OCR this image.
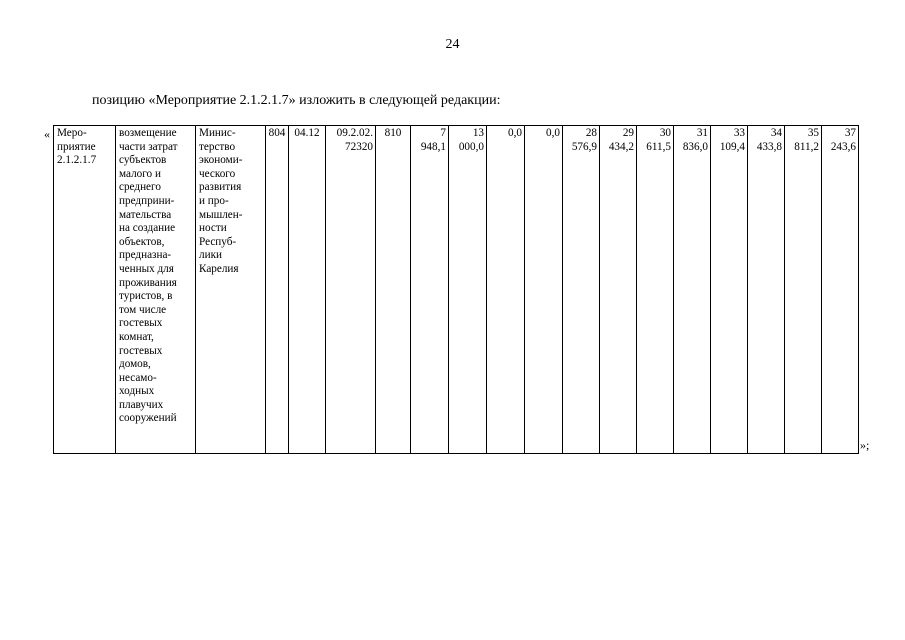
24
позицию «Мероприятие 2.1.2.1.7» изложить в следующей редакции:
« Меро-
приятие
2.1.2.1.7	возмещение
части затрат
субъектов
малого и
среднего
предприни-
мательства
на создание
объектов,
предназна-
ченных для
проживания
туристов, в
том числе
гостевых
комнат,
гостевых
домов,
несамо-
ходных
плавучих
сооружений	Минис-
терство
экономи-
ческого
развития
и про-
мышлен-
ности
Респуб-
лики
Карелия	804	04.12	09.2.02.
72320	810	7
948,1	13
000,0	0,0	0,0	28
576,9	29
434,2	30
611,5	31
836,0	33
109,4	34
433,8	35
811,2	37
243,6
»;
